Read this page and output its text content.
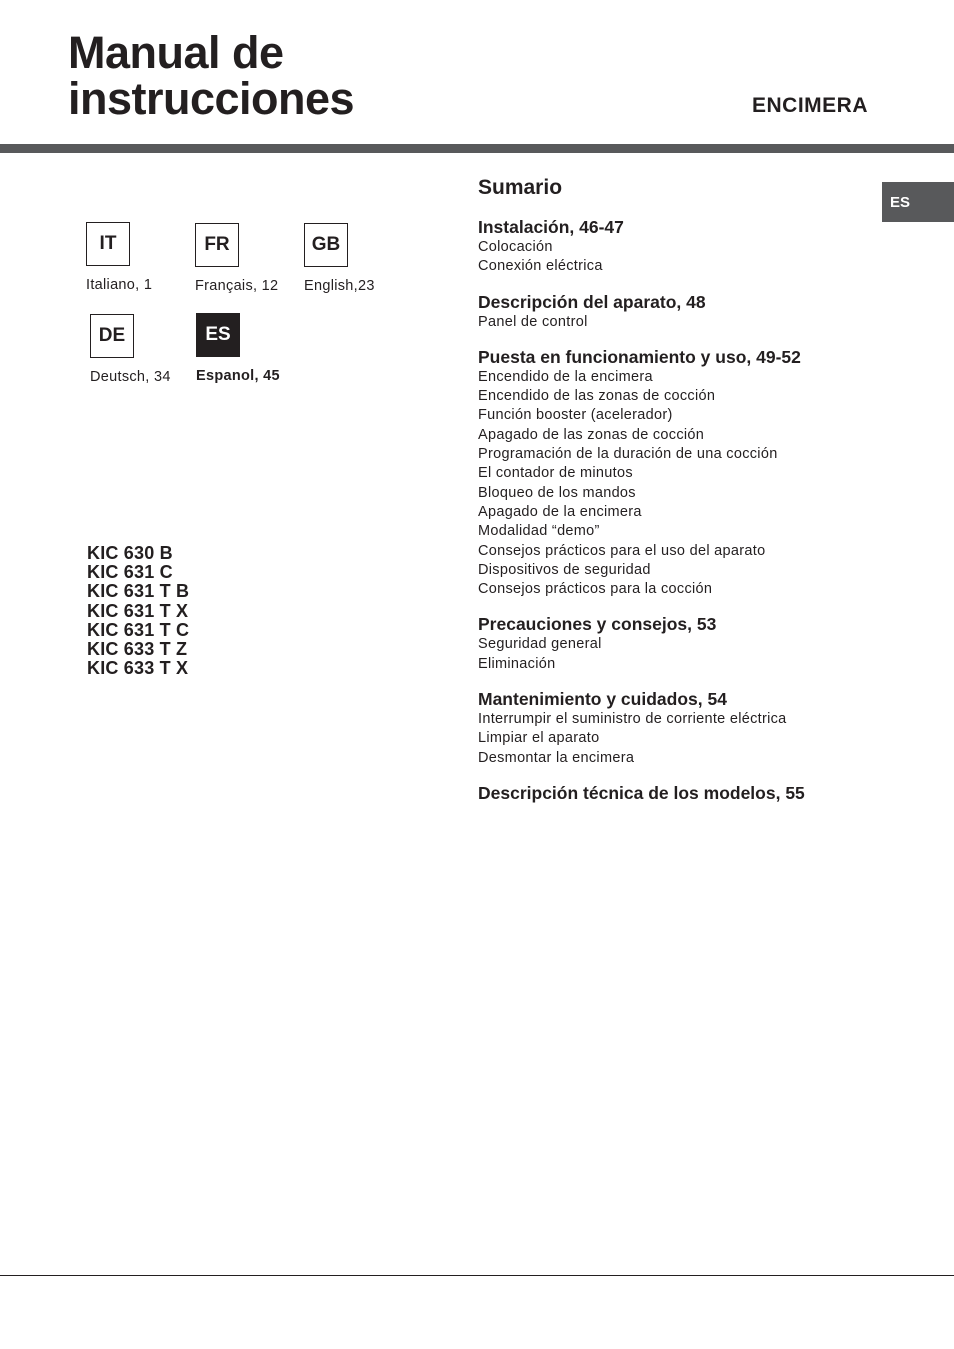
Manual de
instrucciones	ENCIMERA
ES
IT
Italiano, 1
FR
Français, 12
GB
English,23
DE
Deutsch, 34
ES
Espanol, 45
KIC 630 B
KIC 631 C
KIC 631 T B
KIC 631 T X
KIC 631 T C
KIC 633 T Z
KIC 633 T X
Sumario
Instalación, 46-47
Colocación
Conexión eléctrica
Descripción del aparato, 48
Panel de control
Puesta en funcionamiento y uso, 49-52
Encendido de la encimera
Encendido de las zonas de cocción
Función booster (acelerador)
Apagado de las zonas de cocción
Programación de la duración de una cocción
El contador de minutos
Bloqueo de los mandos
Apagado de la encimera
Modalidad “demo”
Consejos prácticos para el uso del aparato
Dispositivos de seguridad
Consejos prácticos para la cocción
Precauciones y consejos, 53
Seguridad general
Eliminación
Mantenimiento y cuidados, 54
Interrumpir el suministro de corriente eléctrica
Limpiar el aparato
Desmontar la encimera
Descripción técnica de los modelos, 55
